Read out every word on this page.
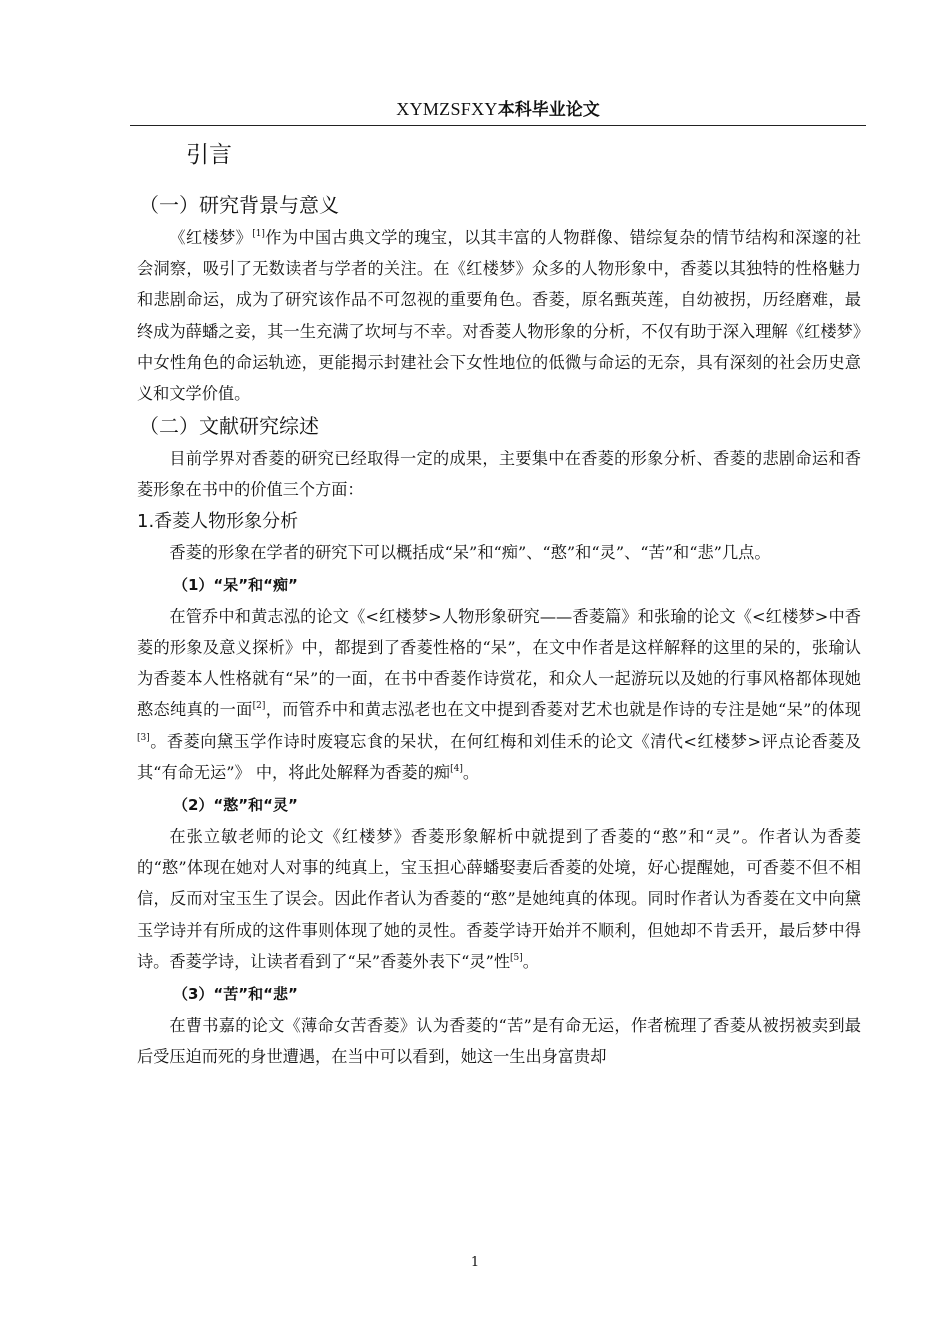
XYMZSFXY本科毕业论文
引言
（一）研究背景与意义

《红楼梦》[1]作为中国古典文学的瑰宝，以其丰富的人物群像、错综复杂的情节结构和深邃的社会洞察，吸引了无数读者与学者的关注。在《红楼梦》众多的人物形象中，香菱以其独特的性格魅力和悲剧命运，成为了研究该作品不可忽视的重要角色。香菱，原名甄英莲，自幼被拐，历经磨难，最终成为薛蟠之妾，其一生充满了坎坷与不幸。对香菱人物形象的分析，不仅有助于深入理解《红楼梦》中女性角色的命运轨迹，更能揭示封建社会下女性地位的低微与命运的无奈，具有深刻的社会历史意义和文学价值。

（二）文献研究综述

目前学界对香菱的研究已经取得一定的成果，主要集中在香菱的形象分析、香菱的悲剧命运和香菱形象在书中的价值三个方面：

1.香菱人物形象分析

香菱的形象在学者的研究下可以概括成“呆”和“痴”、“憨”和“灵”、“苦”和“悲”几点。

（1）“呆”和“痴”

在管乔中和黄志泓的论文《<红楼梦>人物形象研究——香菱篇》和张瑜的论文《<红楼梦>中香菱的形象及意义探析》中，都提到了香菱性格的“呆”，在文中作者是这样解释的这里的呆的，张瑜认为香菱本人性格就有“呆”的一面，在书中香菱作诗赏花，和众人一起游玩以及她的行事风格都体现她憨态纯真的一面[2]，而管乔中和黄志泓老也在文中提到香菱对艺术也就是作诗的专注是她“呆”的体现[3]。香菱向黛玉学作诗时废寝忘食的呆状，在何红梅和刘佳禾的论文《清代<红楼梦>评点论香菱及其“有命无运”》 中，将此处解释为香菱的痴[4]。

（2）“憨”和“灵”

在张立敏老师的论文《红楼梦》香菱形象解析中就提到了香菱的“憨”和“灵”。作者认为香菱的“憨”体现在她对人对事的纯真上，宝玉担心薛蟠娶妻后香菱的处境，好心提醒她，可香菱不但不相信，反而对宝玉生了误会。因此作者认为香菱的“憨”是她纯真的体现。同时作者认为香菱在文中向黛玉学诗并有所成的这件事则体现了她的灵性。香菱学诗开始并不顺利，但她却不肯丢开，最后梦中得诗。香菱学诗，让读者看到了“呆”香菱外表下“灵”性[5]。

（3）“苦”和“悲”

在曹书嘉的论文《薄命女苦香菱》认为香菱的“苦”是有命无运，作者梳理了香菱从被拐被卖到最后受压迫而死的身世遭遇，在当中可以看到，她这一生出身富贵却

1
